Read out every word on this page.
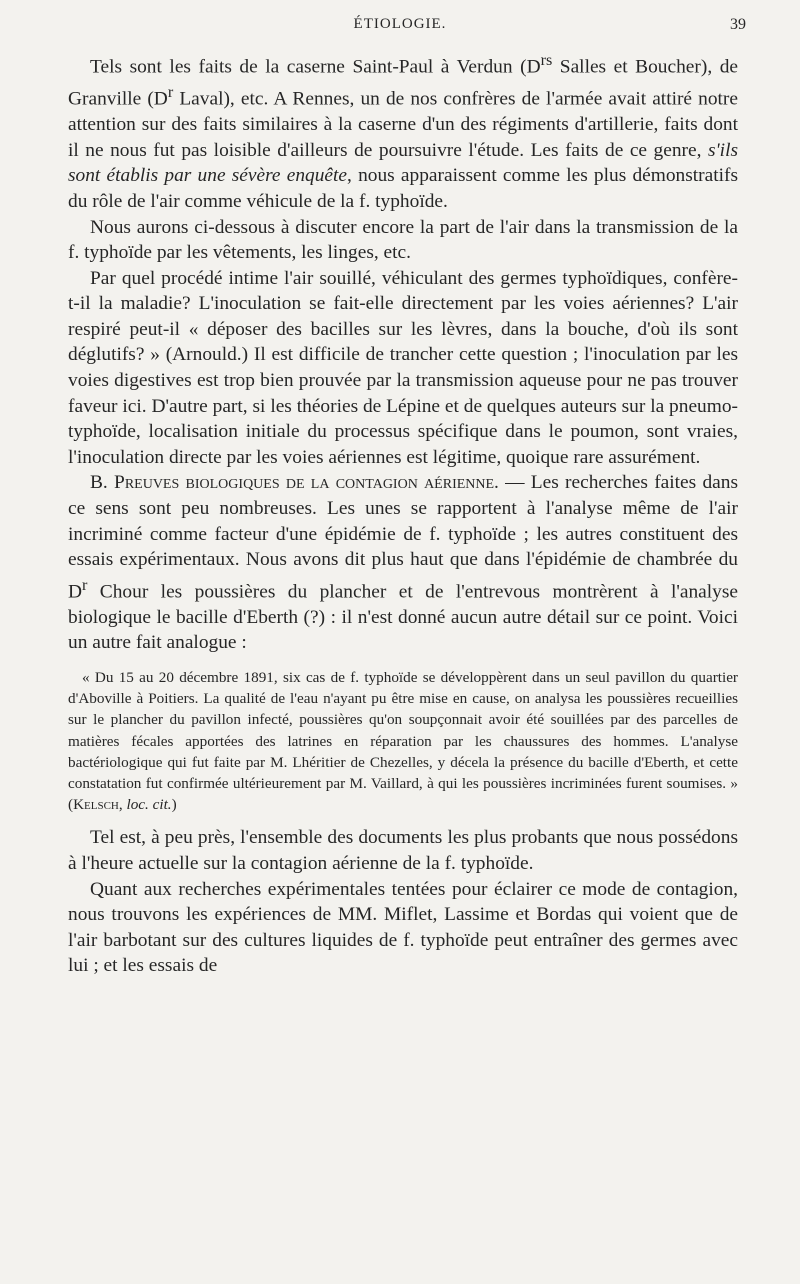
ÉTIOLOGIE.	39

Tels sont les faits de la caserne Saint-Paul à Verdun ($D^{rs}$ Salles et Boucher), de Granville ($D^r$ Laval), etc. A Rennes, un de nos confrères de l'armée avait attiré notre attention sur des faits similaires à la caserne d'un des régiments d'artillerie, faits dont il ne nous fut pas loisible d'ailleurs de poursuivre l'étude. Les faits de ce genre, s'ils sont établis par une sévère enquête, nous apparaissent comme les plus démonstratifs du rôle de l'air comme véhicule de la f. typhoïde.

Nous aurons ci-dessous à discuter encore la part de l'air dans la transmission de la f. typhoïde par les vêtements, les linges, etc.

Par quel procédé intime l'air souillé, véhiculant des germes typhoïdiques, confère-t-il la maladie? L'inoculation se fait-elle directement par les voies aériennes? L'air respiré peut-il « déposer des bacilles sur les lèvres, dans la bouche, d'où ils sont déglutifs? » (Arnould.) Il est difficile de trancher cette question ; l'inoculation par les voies digestives est trop bien prouvée par la transmission aqueuse pour ne pas trouver faveur ici. D'autre part, si les théories de Lépine et de quelques auteurs sur la pneumo-typhoïde, localisation initiale du processus spécifique dans le poumon, sont vraies, l'inoculation directe par les voies aériennes est légitime, quoique rare assurément.

B. Preuves biologiques de la contagion aérienne. — Les recherches faites dans ce sens sont peu nombreuses. Les unes se rapportent à l'analyse même de l'air incriminé comme facteur d'une épidémie de f. typhoïde ; les autres constituent des essais expérimentaux. Nous avons dit plus haut que dans l'épidémie de chambrée du $D^r$ Chour les poussières du plancher et de l'entrevous montrèrent à l'analyse biologique le bacille d'Eberth (?) : il n'est donné aucun autre détail sur ce point. Voici un autre fait analogue :

« Du 15 au 20 décembre 1891, six cas de f. typhoïde se développèrent dans un seul pavillon du quartier d'Aboville à Poitiers. La qualité de l'eau n'ayant pu être mise en cause, on analysa les poussières recueillies sur le plancher du pavillon infecté, poussières qu'on soupçonnait avoir été souillées par des parcelles de matières fécales apportées des latrines en réparation par les chaussures des hommes. L'analyse bactériologique qui fut faite par M. Lhéritier de Chezelles, y décela la présence du bacille d'Eberth, et cette constatation fut confirmée ultérieurement par M. Vaillard, à qui les poussières incriminées furent soumises. » (Kelsch, loc. cit.)

Tel est, à peu près, l'ensemble des documents les plus probants que nous possédons à l'heure actuelle sur la contagion aérienne de la f. typhoïde.

Quant aux recherches expérimentales tentées pour éclairer ce mode de contagion, nous trouvons les expériences de MM. Miflet, Lassime et Bordas qui voient que de l'air barbotant sur des cultures liquides de f. typhoïde peut entraîner des germes avec lui ; et les essais de
